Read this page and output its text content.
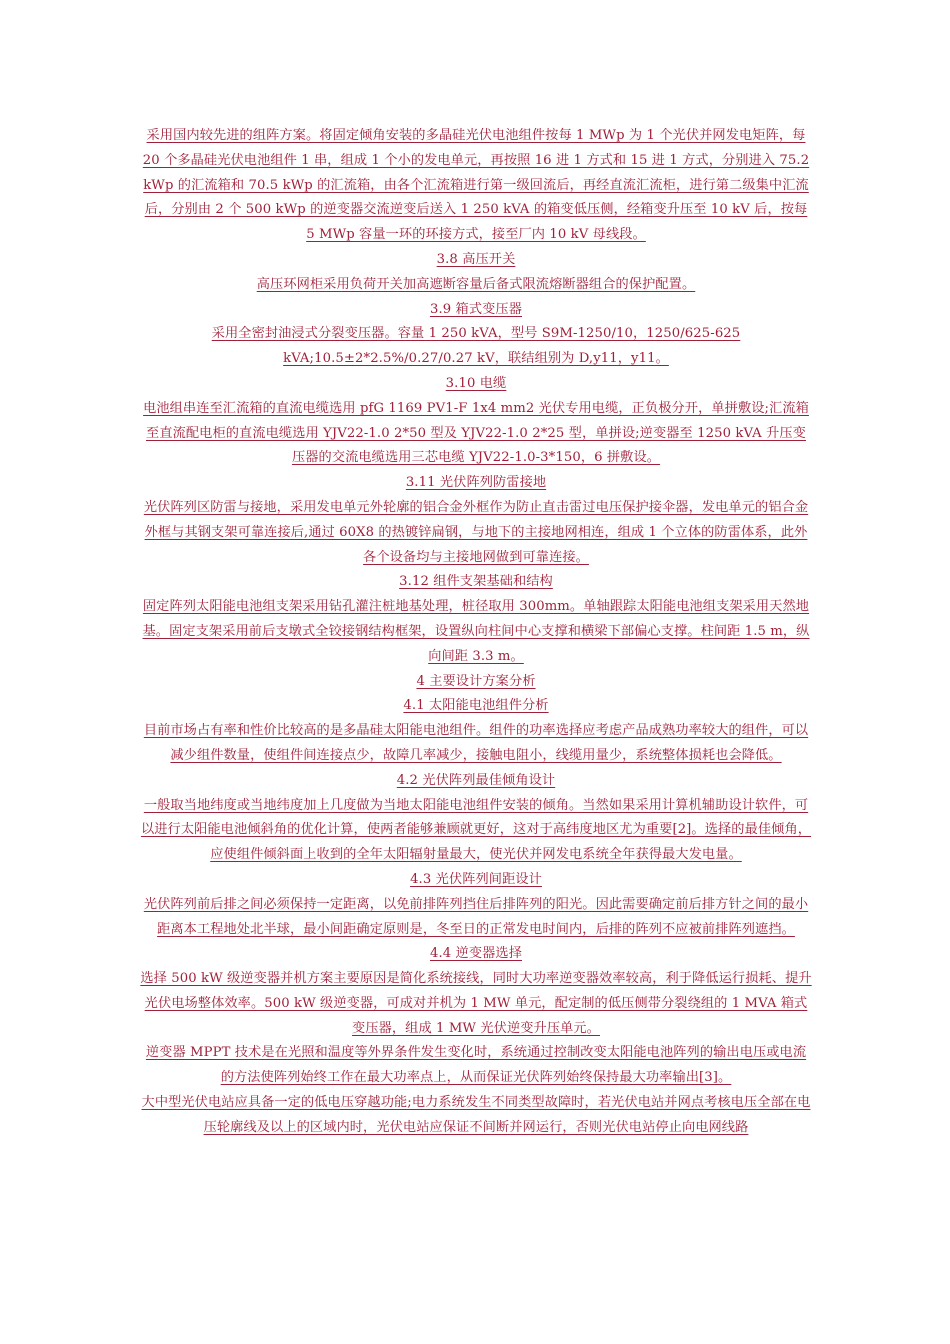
采用国内较先进的组阵方案。将固定倾角安装的多晶硅光伏电池组件按每 1 MWp 为 1 个光伏并网发电矩阵，每 20 个多晶硅光伏电池组件 1 串，组成 1 个小的发电单元，再按照 16 进 1 方式和 15 进 1 方式，分别进入 75.2 kWp 的汇流箱和 70.5 kWp 的汇流箱，由各个汇流箱进行第一级回流后，再经直流汇流柜，进行第二级集中汇流后，分别由 2 个 500 kWp 的逆变器交流逆变后送入 1 250 kVA 的箱变低压侧，经箱变升压至 10 kV 后，按每 5 MWp 容量一环的环接方式，接至厂内 10 kV 母线段。

3.8 高压开关

高压环网柜采用负荷开关加高遮断容量后备式限流熔断器组合的保护配置。

3.9 箱式变压器

采用全密封油浸式分裂变压器。容量 1 250 kVA，型号 S9M-1250/10，1250/625-625 kVA;10.5±2*2.5%/0.27/0.27 kV，联结组别为 D,y11，y11。

3.10 电缆

电池组串连至汇流箱的直流电缆选用 pfG 1169 PV1-F 1x4 mm2 光伏专用电缆，正负极分开，单拼敷设;汇流箱至直流配电柜的直流电缆选用 YJV22-1.0 2*50 型及 YJV22-1.0 2*25 型，单拼设;逆变器至 1250 kVA 升压变压器的交流电缆选用三芯电缆 YJV22-1.0-3*150，6 拼敷设。

3.11 光伏阵列防雷接地

光伏阵列区防雷与接地，采用发电单元外轮廓的铝合金外框作为防止直击雷过电压保护接伞器，发电单元的铝合金外框与其钢支架可靠连接后,通过 60X8 的热镀锌扁钢，与地下的主接地网相连，组成 1 个立体的防雷体系，此外各个设备均与主接地网做到可靠连接。

3.12 组件支架基础和结构

固定阵列太阳能电池组支架采用钻孔灌注桩地基处理，桩径取用 300mm。单轴跟踪太阳能电池组支架采用天然地基。固定支架采用前后支墩式全铰接钢结构框架，设置纵向柱间中心支撑和横梁下部偏心支撑。柱间距 1.5 m，纵向间距 3.3 m。

4 主要设计方案分析

4.1 太阳能电池组件分析

目前市场占有率和性价比较高的是多晶硅太阳能电池组件。组件的功率选择应考虑产品成熟功率较大的组件，可以减少组件数量，使组件间连接点少，故障几率减少，接触电阻小，线缆用量少，系统整体损耗也会降低。

4.2 光伏阵列最佳倾角设计

一般取当地纬度或当地纬度加上几度做为当地太阳能电池组件安装的倾角。当然如果采用计算机辅助设计软件，可以进行太阳能电池倾斜角的优化计算，使两者能够兼顾就更好，这对于高纬度地区尤为重要[2]。选择的最佳倾角，应使组件倾斜面上收到的全年太阳辐射量最大，使光伏并网发电系统全年获得最大发电量。

4.3 光伏阵列间距设计

光伏阵列前后排之间必须保持一定距离，以免前排阵列挡住后排阵列的阳光。因此需要确定前后排方针之间的最小距离本工程地处北半球，最小间距确定原则是，冬至日的正常发电时间内，后排的阵列不应被前排阵列遮挡。

4.4 逆变器选择

选择 500 kW 级逆变器并机方案主要原因是简化系统接线，同时大功率逆变器效率较高，利于降低运行损耗、提升光伏电场整体效率。500 kW 级逆变器，可成对并机为 1 MW 单元，配定制的低压侧带分裂绕组的 1 MVA 箱式变压器，组成 1 MW 光伏逆变升压单元。

逆变器 MPPT 技术是在光照和温度等外界条件发生变化时，系统通过控制改变太阳能电池阵列的输出电压或电流的方法使阵列始终工作在最大功率点上，从而保证光伏阵列始终保持最大功率输出[3]。

大中型光伏电站应具备一定的低电压穿越功能;电力系统发生不同类型故障时，若光伏电站并网点考核电压全部在电压轮廓线及以上的区域内时，光伏电站应保证不间断并网运行，否则光伏电站停止向电网线路
